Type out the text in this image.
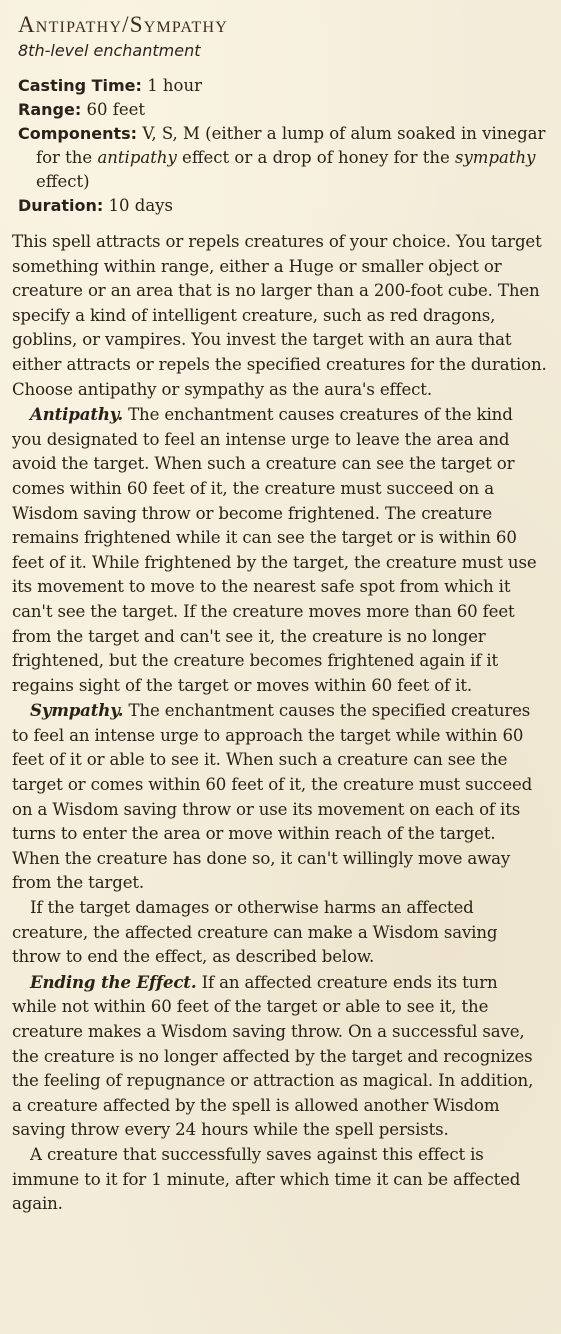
Antipathy/Sympathy
8th-level enchantment
Casting Time: 1 hour
Range: 60 feet
Components: V, S, M (either a lump of alum soaked in vinegar for the antipathy effect or a drop of honey for the sympathy effect)
Duration: 10 days

This spell attracts or repels creatures of your choice. You target something within range, either a Huge or smaller object or creature or an area that is no larger than a 200-foot cube. Then specify a kind of intelligent creature, such as red dragons, goblins, or vampires. You invest the target with an aura that either attracts or repels the specified creatures for the duration. Choose antipathy or sympathy as the aura's effect.

Antipathy. The enchantment causes creatures of the kind you designated to feel an intense urge to leave the area and avoid the target. When such a creature can see the target or comes within 60 feet of it, the creature must succeed on a Wisdom saving throw or become frightened. The creature remains frightened while it can see the target or is within 60 feet of it. While frightened by the target, the creature must use its movement to move to the nearest safe spot from which it can't see the target. If the creature moves more than 60 feet from the target and can't see it, the creature is no longer frightened, but the creature becomes frightened again if it regains sight of the target or moves within 60 feet of it.

Sympathy. The enchantment causes the specified creatures to feel an intense urge to approach the target while within 60 feet of it or able to see it. When such a creature can see the target or comes within 60 feet of it, the creature must succeed on a Wisdom saving throw or use its movement on each of its turns to enter the area or move within reach of the target. When the creature has done so, it can't willingly move away from the target.

If the target damages or otherwise harms an affected creature, the affected creature can make a Wisdom saving throw to end the effect, as described below.

Ending the Effect. If an affected creature ends its turn while not within 60 feet of the target or able to see it, the creature makes a Wisdom saving throw. On a successful save, the creature is no longer affected by the target and recognizes the feeling of repugnance or attraction as magical. In addition, a creature affected by the spell is allowed another Wisdom saving throw every 24 hours while the spell persists.

A creature that successfully saves against this effect is immune to it for 1 minute, after which time it can be affected again.
